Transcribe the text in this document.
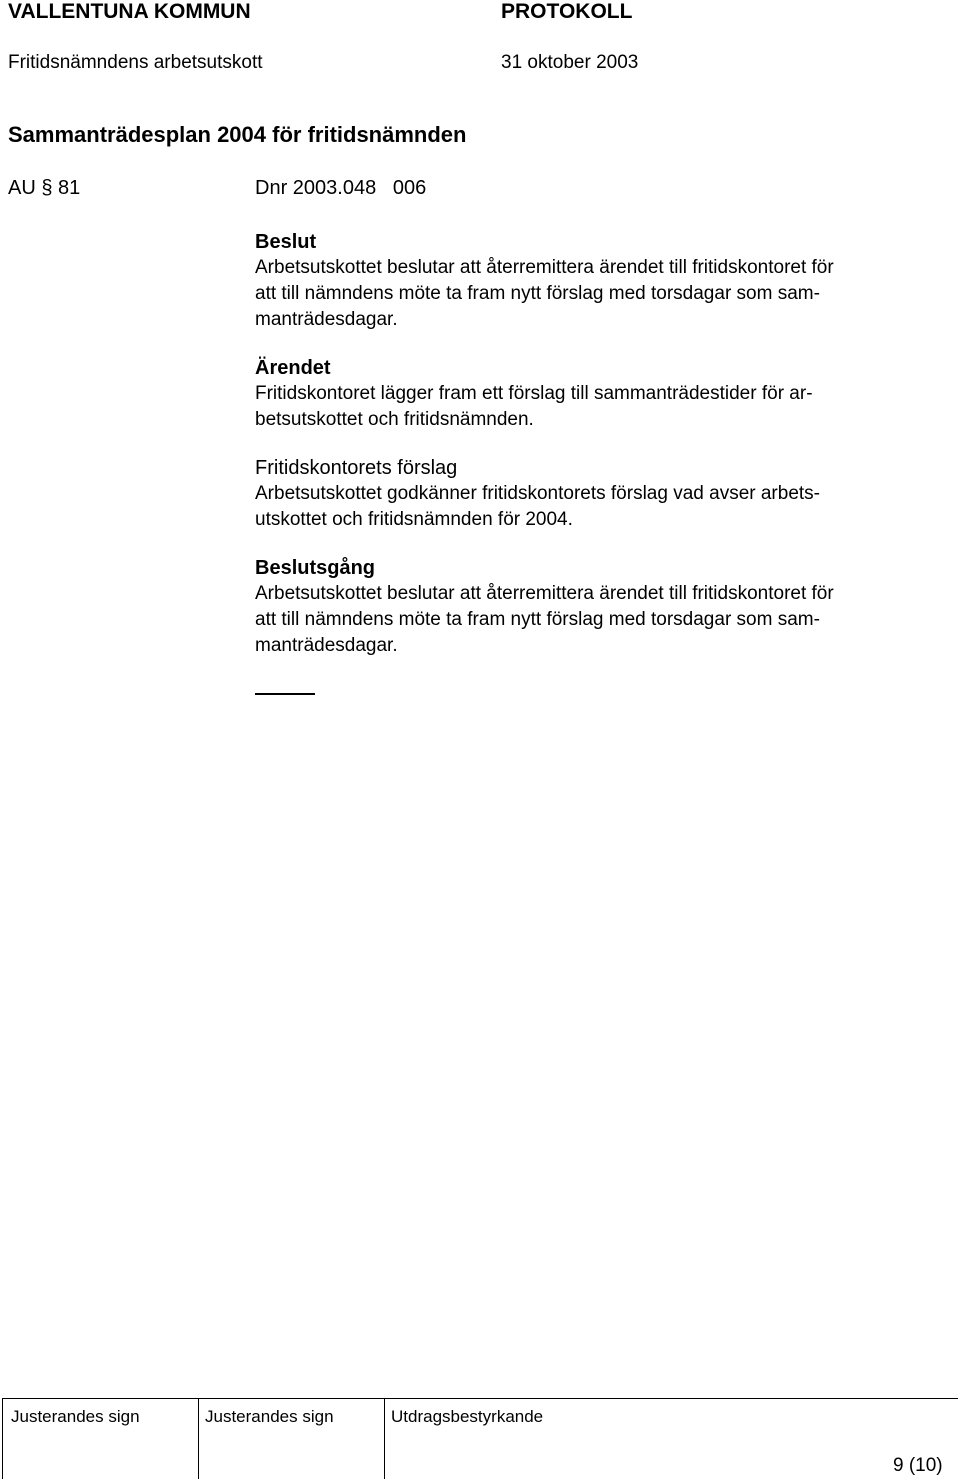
VALLENTUNA KOMMUN	PROTOKOLL
Fritidsnämndens arbetsutskott	31 oktober 2003
Sammanträdesplan 2004 för fritidsnämnden
AU § 81	Dnr 2003.048   006
Beslut
Arbetsutskottet beslutar att återremittera ärendet till fritidskontoret för
att till nämndens möte ta fram nytt förslag med torsdagar som sam-
manträdesdagar.
Ärendet
Fritidskontoret lägger fram ett förslag till sammanträdestider för ar-
betsutskottet och fritidsnämnden.
Fritidskontorets förslag
Arbetsutskottet godkänner fritidskontorets förslag vad avser arbets-
utskottet och fritidsnämnden för 2004.
Beslutsgång
Arbetsutskottet beslutar att återremittera ärendet till fritidskontoret för
att till nämndens möte ta fram nytt förslag med torsdagar som sam-
manträdesdagar.
Justerandes sign	Justerandes sign	Utdragsbestyrkande
9 (10)
